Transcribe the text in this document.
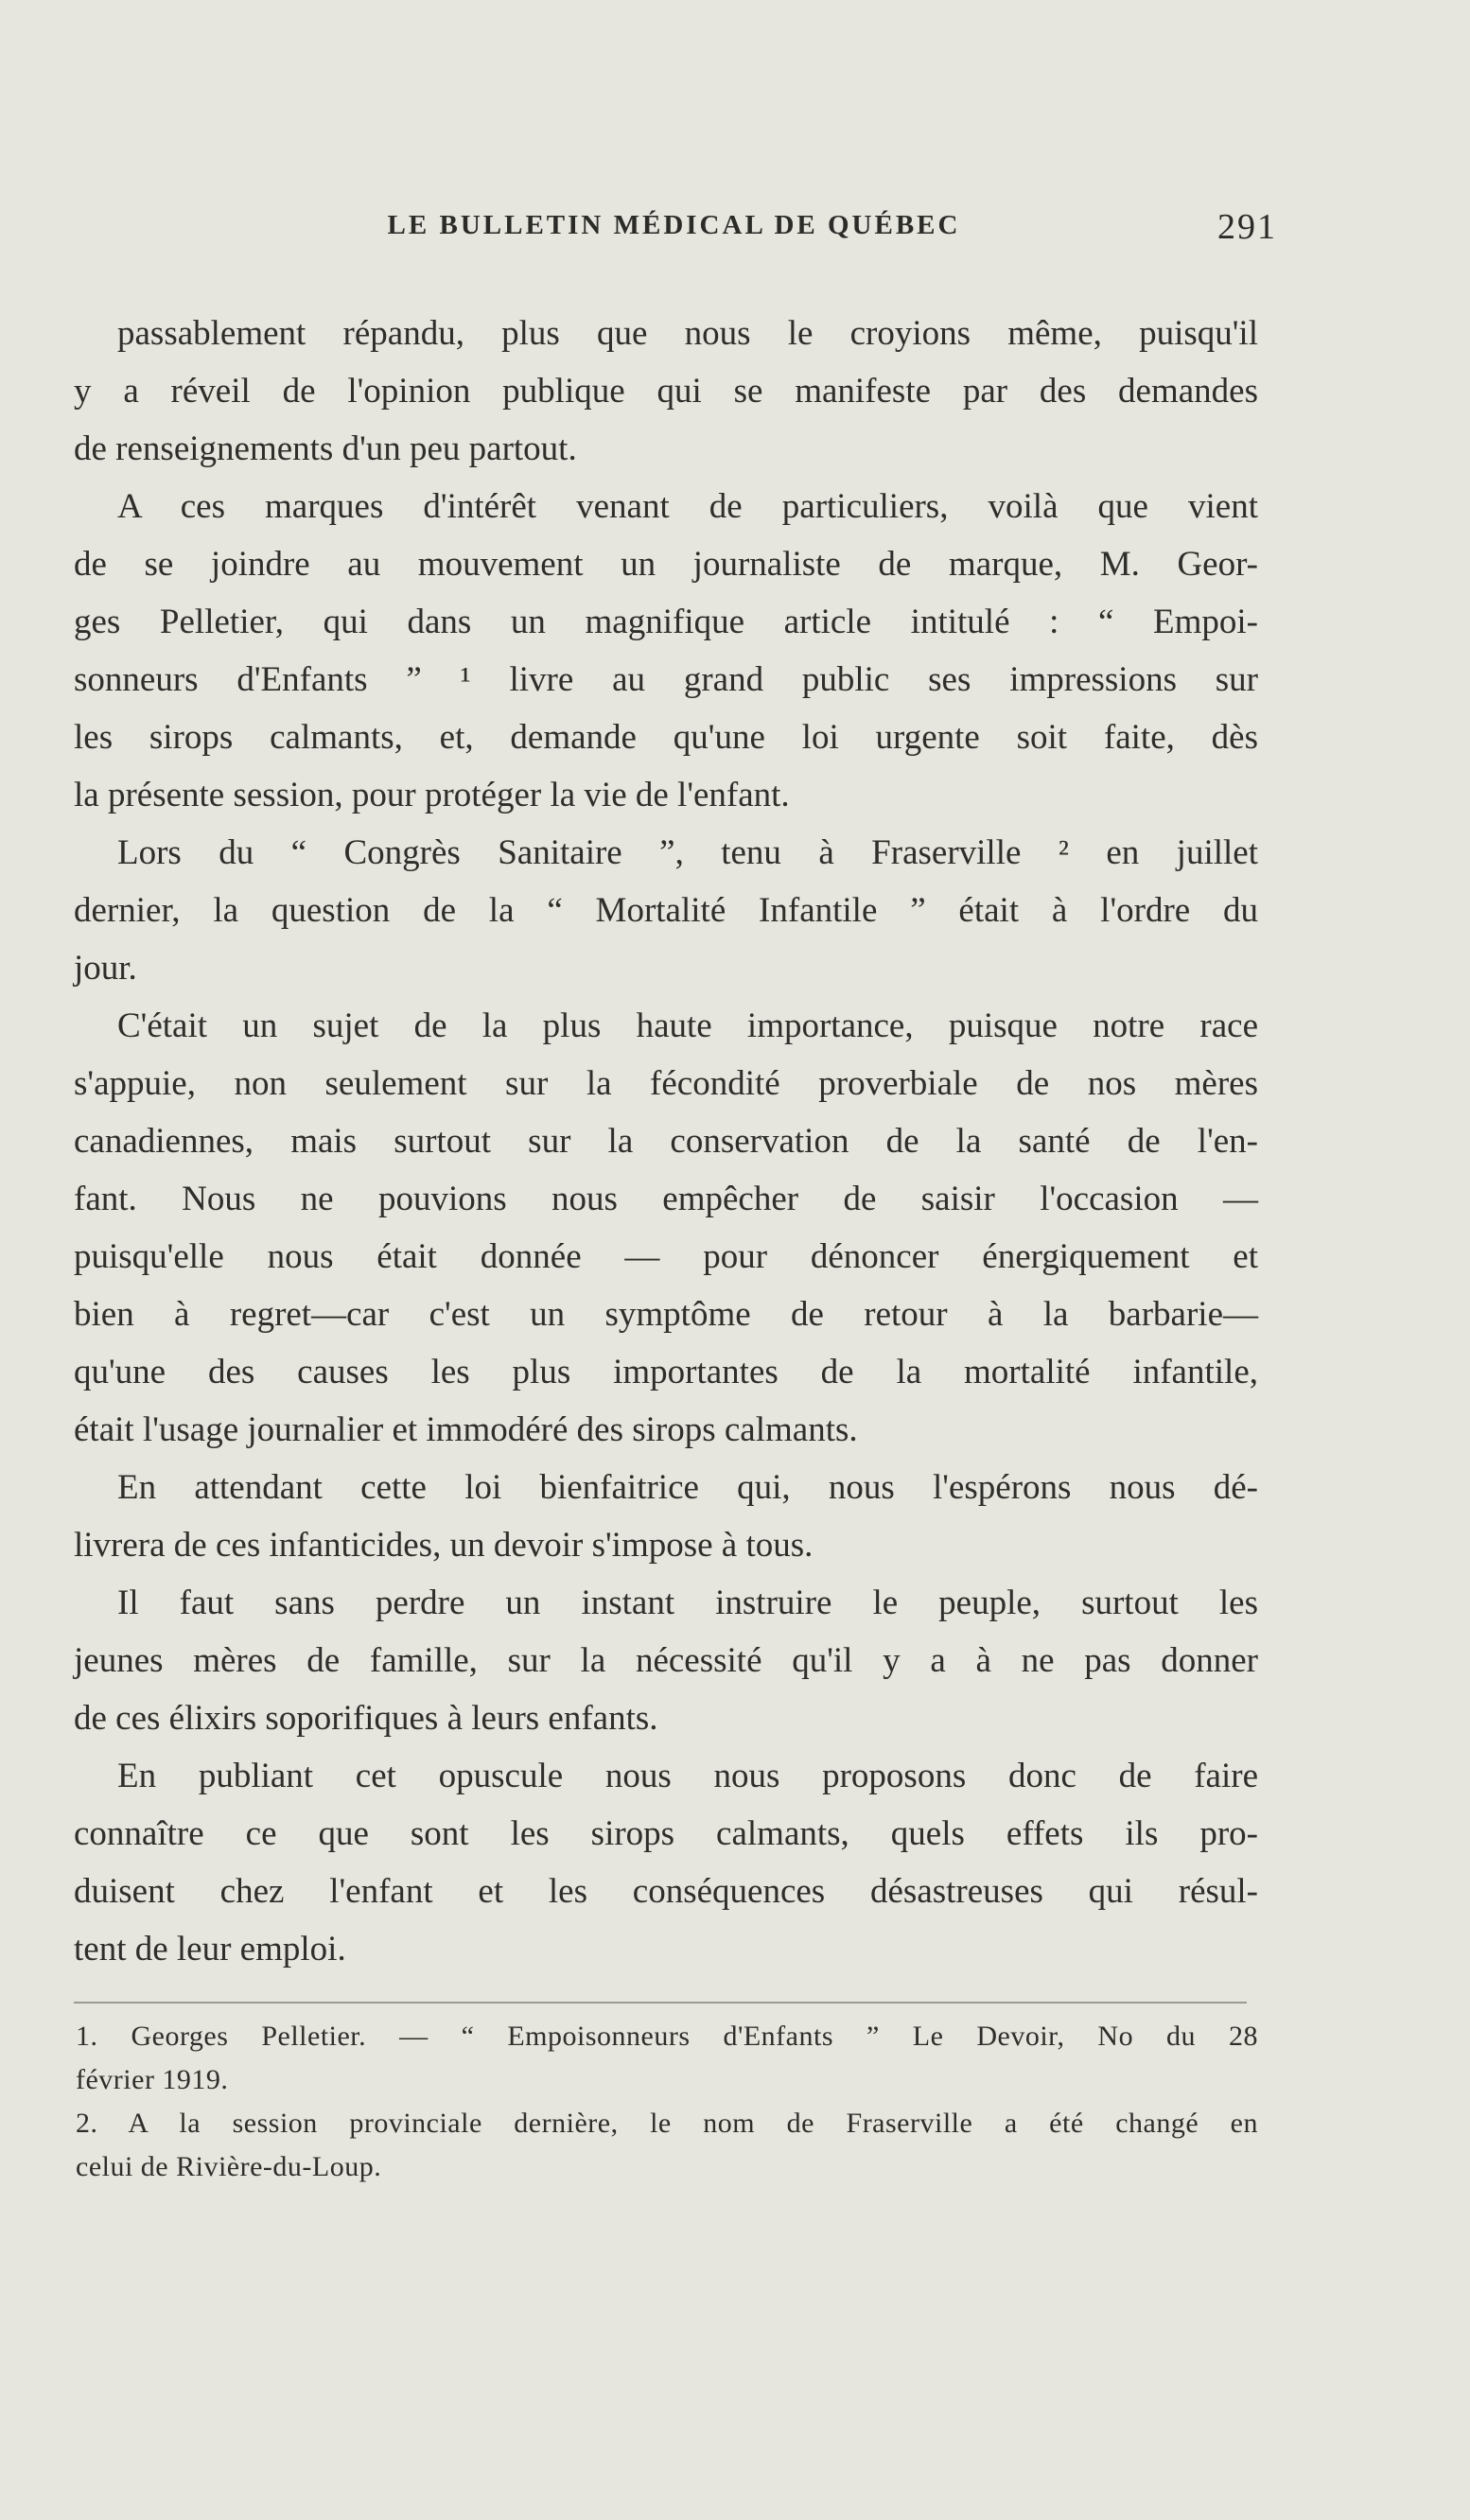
LE BULLETIN MÉDICAL DE QUÉBEC	291
passablement répandu, plus que nous le croyions même, puisqu'il
y a réveil de l'opinion publique qui se manifeste par des demandes
de renseignements d'un peu partout.
A ces marques d'intérêt venant de particuliers, voilà que vient
de se joindre au mouvement un journaliste de marque, M. Geor-
ges Pelletier, qui dans un magnifique article intitulé : “ Empoi-
sonneurs d'Enfants ” ¹ livre au grand public ses impressions sur
les sirops calmants, et, demande qu'une loi urgente soit faite, dès
la présente session, pour protéger la vie de l'enfant.
Lors du “ Congrès Sanitaire ”, tenu à Fraserville ² en juillet
dernier, la question de la “ Mortalité Infantile ” était à l'ordre du
jour.
C'était un sujet de la plus haute importance, puisque notre race
s'appuie, non seulement sur la fécondité proverbiale de nos mères
canadiennes, mais surtout sur la conservation de la santé de l'en-
fant. Nous ne pouvions nous empêcher de saisir l'occasion —
puisqu'elle nous était donnée — pour dénoncer énergiquement et
bien à regret—car c'est un symptôme de retour à la barbarie—
qu'une des causes les plus importantes de la mortalité infantile,
était l'usage journalier et immodéré des sirops calmants.
En attendant cette loi bienfaitrice qui, nous l'espérons nous dé-
livrera de ces infanticides, un devoir s'impose à tous.
Il faut sans perdre un instant instruire le peuple, surtout les
jeunes mères de famille, sur la nécessité qu'il y a à ne pas donner
de ces élixirs soporifiques à leurs enfants.
En publiant cet opuscule nous nous proposons donc de faire
connaître ce que sont les sirops calmants, quels effets ils pro-
duisent chez l'enfant et les conséquences désastreuses qui résul-
tent de leur emploi.
1. Georges Pelletier. — “ Empoisonneurs d'Enfants ” Le Devoir, No du 28
février 1919.
2. A la session provinciale dernière, le nom de Fraserville a été changé en
celui de Rivière-du-Loup.
